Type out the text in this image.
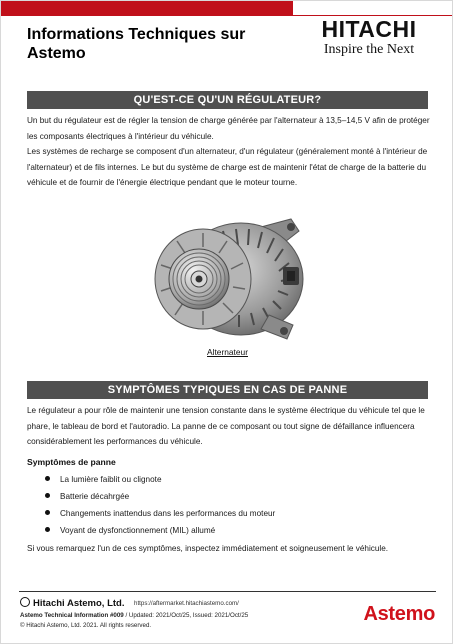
Informations Techniques sur Astemo
HITACHI
Inspire the Next
QU'EST-CE QU'UN RÉGULATEUR?

Un but du régulateur est de régler la tension de charge générée par l'alternateur à 13,5–14,5 V afin de protéger les composants électriques à l'intérieur du véhicule.

Les systèmes de recharge se composent d'un alternateur, d'un régulateur (généralement monté à l'intérieur de l'alternateur) et de fils internes. Le but du système de charge est de maintenir l'état de charge de la batterie du véhicule et de fournir de l'énergie électrique pendant que le moteur tourne.

Alternateur
SYMPTÔMES TYPIQUES EN CAS DE PANNE

Le régulateur a pour rôle de maintenir une tension constante dans le système électrique du véhicule tel que le phare, le tableau de bord et l'autoradio. La panne de ce composant ou tout signe de défaillance influencera considérablement les performances du véhicule.

Symptômes de panne
La lumière faiblit ou clignote
Batterie décahrgée
Changements inattendus dans les performances du moteur
Voyant de dysfonctionnement (MIL) allumé

Si vous remarquez l'un de ces symptômes, inspectez immédiatement et soigneusement le véhicule.

Hitachi Astemo, Ltd. https://aftermarket.hitachiastemo.com/
Astemo Technical Information #009 / Updated: 2021/Oct/25, Issued: 2021/Oct/25
© Hitachi Astemo, Ltd. 2021. All rights reserved.
Astemo
